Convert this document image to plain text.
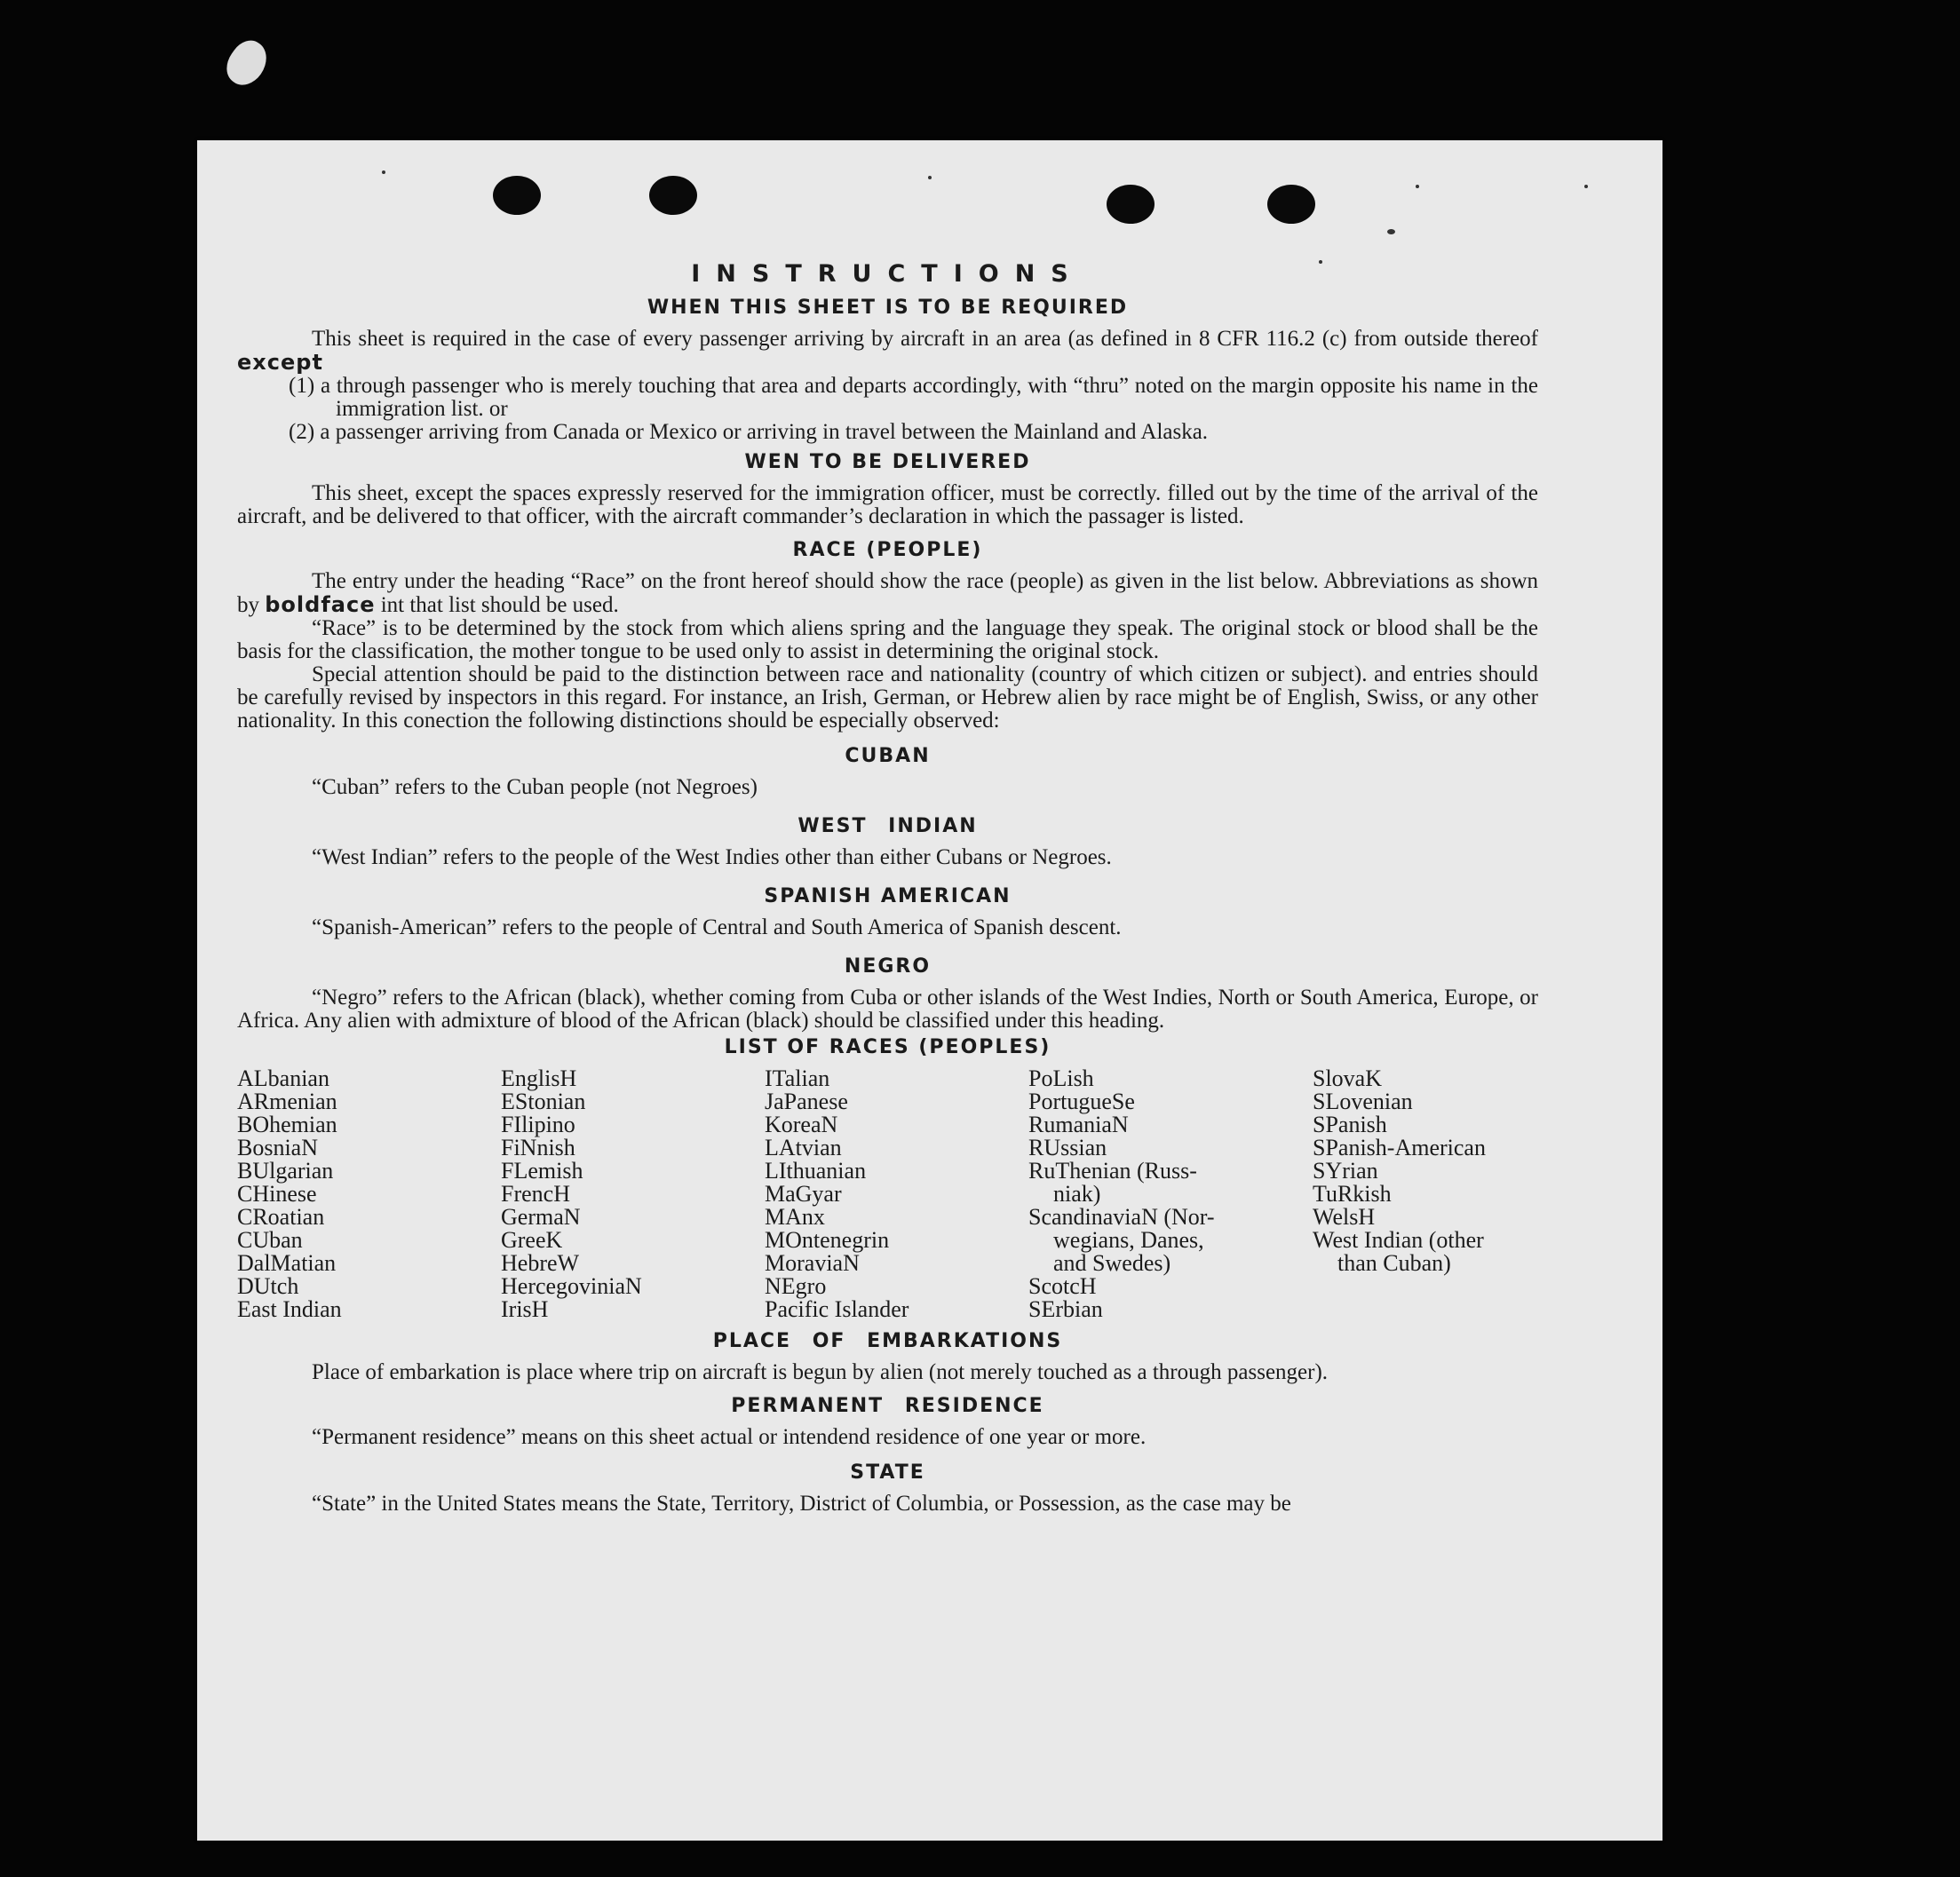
INSTRUCTIONS
WHEN THIS SHEET IS TO BE REQUIRED

This sheet is required in the case of every passenger arriving by aircraft in an area (as defined in 8 CFR 116.2 (c) from outside thereof except

(1) a through passenger who is merely touching that area and departs accordingly, with “thru” noted on the margin opposite his name in the immigration list. or

(2) a passenger arriving from Canada or Mexico or arriving in travel between the Mainland and Alaska.

WEN TO BE DELIVERED

This sheet, except the spaces expressly reserved for the immigration officer, must be correctly. filled out by the time of the arrival of the aircraft, and be delivered to that officer, with the aircraft commander’s declaration in which the passager is listed.

RACE (PEOPLE)

The entry under the heading “Race” on the front hereof should show the race (people) as given in the list below. Abbreviations as shown by boldface int that list should be used.

“Race” is to be determined by the stock from which aliens spring and the language they speak. The original stock or blood shall be the basis for the classification, the mother tongue to be used only to assist in determining the original stock.

Special attention should be paid to the distinction between race and nationality (country of which citizen or subject). and entries should be carefully revised by inspectors in this regard. For instance, an Irish, German, or Hebrew alien by race might be of English, Swiss, or any other nationality. In this conection the following distinctions should be especially observed:

CUBAN

“Cuban” refers to the Cuban people (not Negroes)

WEST INDIAN

“West Indian” refers to the people of the West Indies other than either Cubans or Negroes.

SPANISH AMERICAN

“Spanish-American” refers to the people of Central and South America of Spanish descent.

NEGRO

“Negro” refers to the African (black), whether coming from Cuba or other islands of the West Indies, North or South America, Europe, or Africa. Any alien with admixture of blood of the African (black) should be classified under this heading.

LIST OF RACES (PEOPLES)
ALbanian
ARmenian
BOhemian
BosniaN
BUlgarian
CHinese
CRoatian
CUban
DalMatian
DUtch
East Indian
EnglisH
EStonian
FIlipino
FiNnish
FLemish
FrencH
GermaN
GreeK
HebreW
HercegoviniaN
IrisH
ITalian
JaPanese
KoreaN
LAtvian
LIthuanian
MaGyar
MAnx
MOntenegrin
MoraviaN
NEgro
Pacific Islander
PoLish
PortugueSe
RumaniaN
RUssian
RuThenian (Russ-
niak)
ScandinaviaN (Nor-
wegians, Danes,
and Swedes)
ScotcH
SErbian
SlovaK
SLovenian
SPanish
SPanish-American
SYrian
TuRkish
WelsH
West Indian (other
than Cuban)
PLACE OF EMBARKATIONS

Place of embarkation is place where trip on aircraft is begun by alien (not merely touched as a through passenger).

PERMANENT RESIDENCE

“Permanent residence” means on this sheet actual or intendend residence of one year or more.

STATE

“State” in the United States means the State, Territory, District of Columbia, or Possession, as the case may be
